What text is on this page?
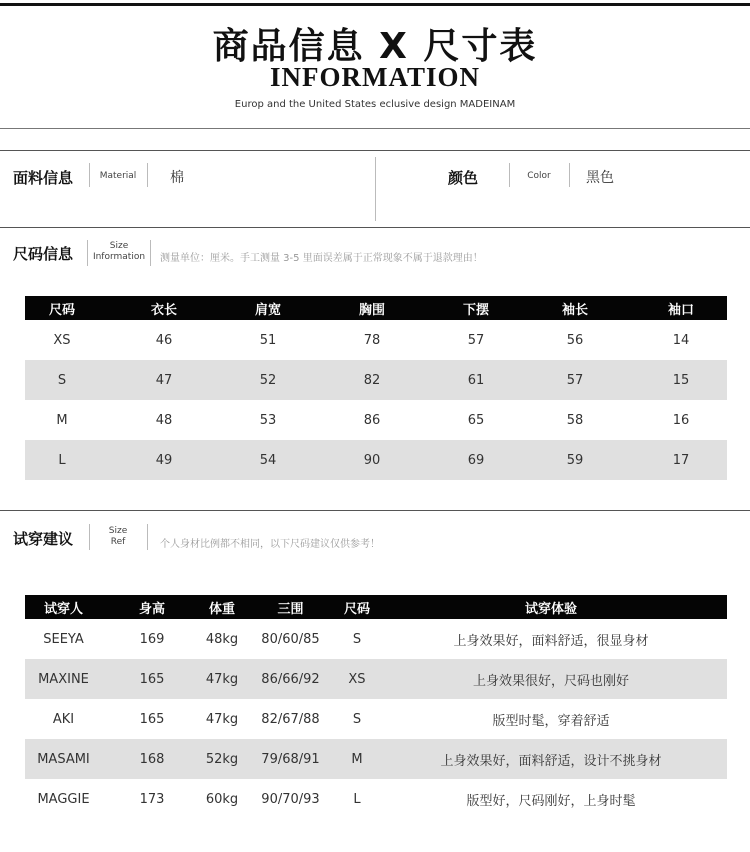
商品信息 X 尺寸表
INFORMATION
Europ and the United States eclusive design MADEINAM
面料信息	Material	棉	颜色	Color	黑色
尺码信息	Size
Information 测量单位：厘米。手工测量 3-5 里面误差属于正常现象不属于退款理由！
尺码	衣长	肩宽	胸围	下摆	袖长	袖口
XS	46	51	78	57	56	14
S	47	52	82	61	57	15
M	48	53	86	65	58	16
L	49	54	90	69	59	17
试穿建议	Size
Ref	个人身材比例都不相同，以下尺码建议仅供参考！
试穿人	身高	体重	三围	尺码	试穿体验
SEEYA	169	48kg	80/60/85	S	上身效果好，面料舒适，很显身材
MAXINE	165	47kg	86/66/92	XS	上身效果很好，尺码也刚好
AKI	165	47kg	82/67/88	S	版型时髦，穿着舒适
MASAMI	168	52kg	79/68/91	M	上身效果好，面料舒适，设计不挑身材
MAGGIE	173	60kg	90/70/93	L	版型好，尺码刚好，上身时髦
